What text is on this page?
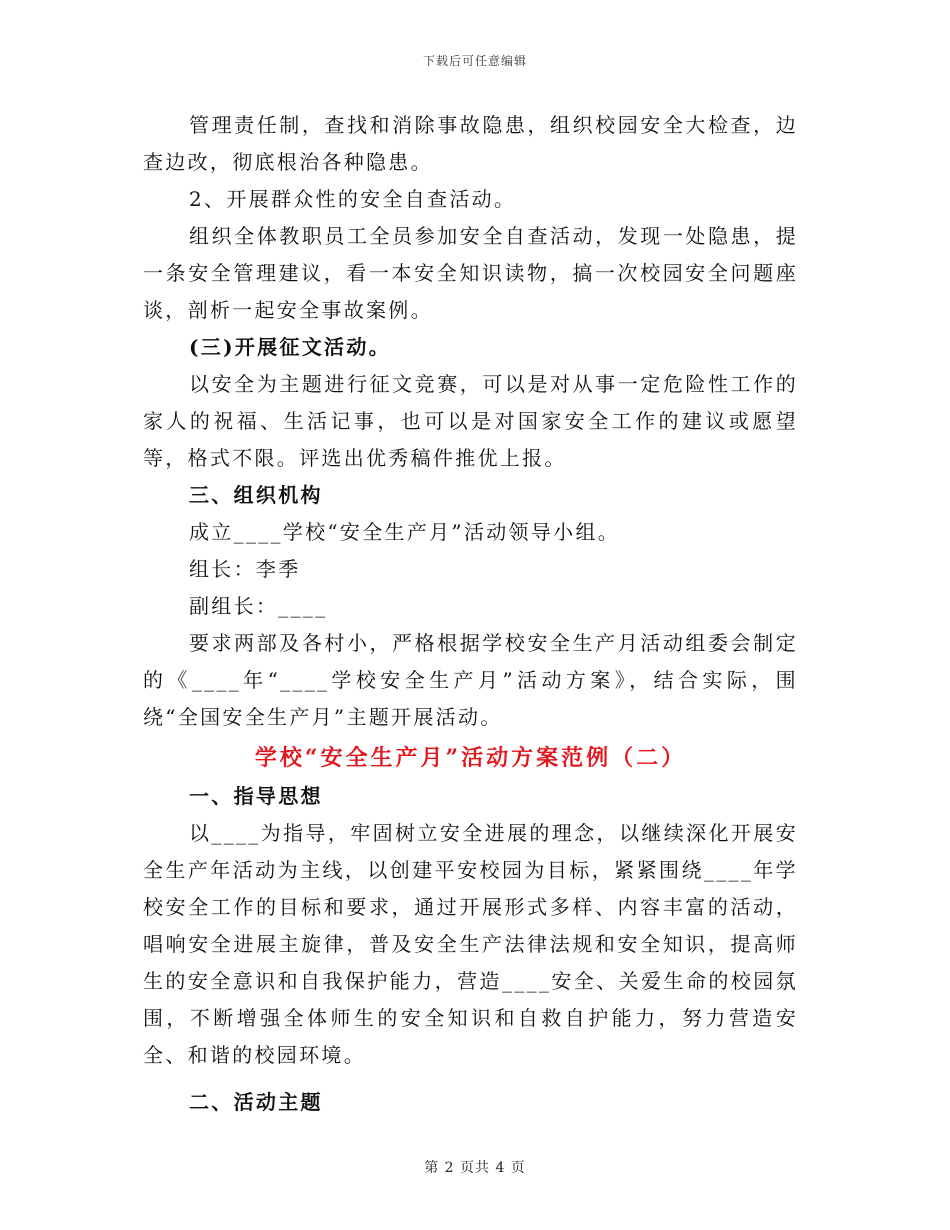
下载后可任意编辑

管理责任制，查找和消除事故隐患，组织校园安全大检查，边查边改，彻底根治各种隐患。

2、开展群众性的安全自查活动。

组织全体教职员工全员参加安全自查活动，发现一处隐患，提一条安全管理建议，看一本安全知识读物，搞一次校园安全问题座谈，剖析一起安全事故案例。

(三)开展征文活动。

以安全为主题进行征文竞赛，可以是对从事一定危险性工作的家人的祝福、生活记事，也可以是对国家安全工作的建议或愿望等，格式不限。评选出优秀稿件推优上报。

三、组织机构

成立____学校“安全生产月”活动领导小组。

组长：李季

副组长：____

要求两部及各村小，严格根据学校安全生产月活动组委会制定的《____年“____学校安全生产月”活动方案》，结合实际，围绕“全国安全生产月”主题开展活动。

学校“安全生产月”活动方案范例（二）

一、指导思想

以____为指导，牢固树立安全进展的理念，以继续深化开展安全生产年活动为主线，以创建平安校园为目标，紧紧围绕____年学校安全工作的目标和要求，通过开展形式多样、内容丰富的活动，唱响安全进展主旋律，普及安全生产法律法规和安全知识，提高师生的安全意识和自我保护能力，营造____安全、关爱生命的校园氛围，不断增强全体师生的安全知识和自救自护能力，努力营造安全、和谐的校园环境。

二、活动主题

第 2 页共 4 页
